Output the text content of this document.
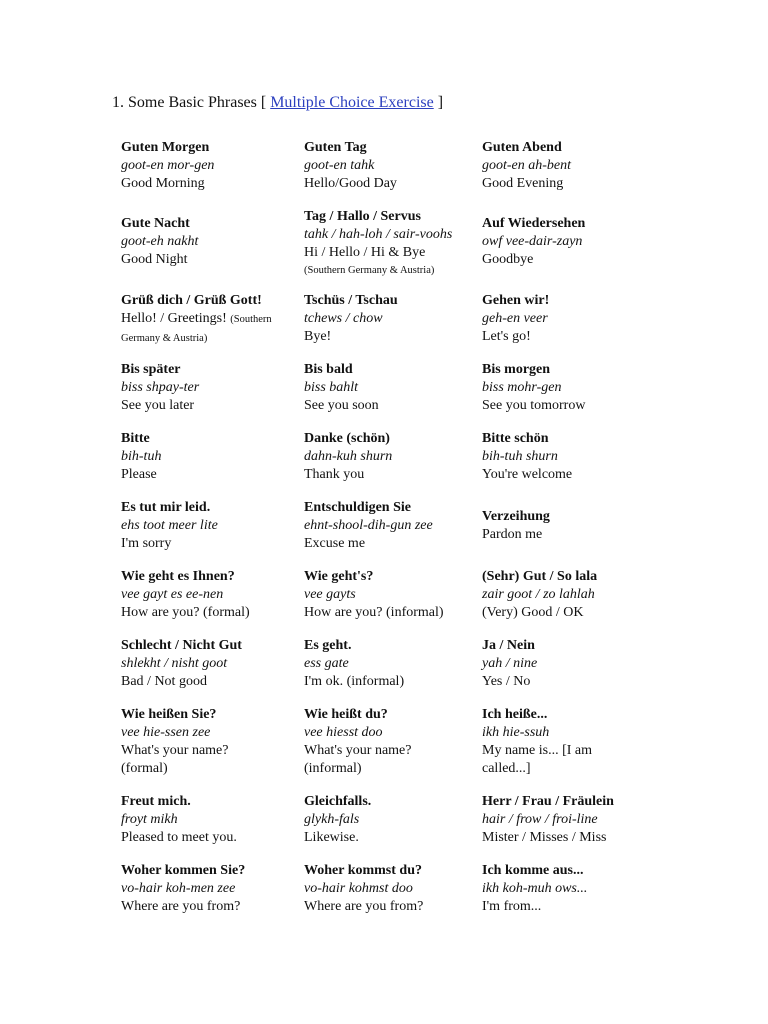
1. Some Basic Phrases [ Multiple Choice Exercise ]
Guten Morgen
goot-en mor-gen
Good Morning
Guten Tag
goot-en tahk
Hello/Good Day
Guten Abend
goot-en ah-bent
Good Evening
Gute Nacht
goot-eh nakht
Good Night
Tag / Hallo / Servus
tahk / hah-loh / sair-voohs
Hi / Hello / Hi & Bye
(Southern Germany & Austria)
Auf Wiedersehen
owf vee-dair-zayn
Goodbye
Grüß dich / Grüß Gott!
Hello! / Greetings! (Southern Germany & Austria)
Tschüs / Tschau
tchews / chow
Bye!
Gehen wir!
geh-en veer
Let's go!
Bis später
biss shpay-ter
See you later
Bis bald
biss bahlt
See you soon
Bis morgen
biss mohr-gen
See you tomorrow
Bitte
bih-tuh
Please
Danke (schön)
dahn-kuh shurn
Thank you
Bitte schön
bih-tuh shurn
You're welcome
Es tut mir leid.
ehs toot meer lite
I'm sorry
Entschuldigen Sie
ehnt-shool-dih-gun zee
Excuse me
Verzeihung
Pardon me
Wie geht es Ihnen?
vee gayt es ee-nen
How are you? (formal)
Wie geht's?
vee gayts
How are you? (informal)
(Sehr) Gut / So lala
zair goot / zo lahlah
(Very) Good / OK
Schlecht / Nicht Gut
shlekht / nisht goot
Bad / Not good
Es geht.
ess gate
I'm ok. (informal)
Ja / Nein
yah / nine
Yes / No
Wie heißen Sie?
vee hie-ssen zee
What's your name? (formal)
Wie heißt du?
vee hiesst doo
What's your name? (informal)
Ich heiße...
ikh hie-ssuh
My name is... [I am called...]
Freut mich.
froyt mikh
Pleased to meet you.
Gleichfalls.
glykh-fals
Likewise.
Herr / Frau / Fräulein
hair / frow / froi-line
Mister / Misses / Miss
Woher kommen Sie?
vo-hair koh-men zee
Where are you from?
Woher kommst du?
vo-hair kohmst doo
Where are you from?
Ich komme aus...
ikh koh-muh ows...
I'm from...
